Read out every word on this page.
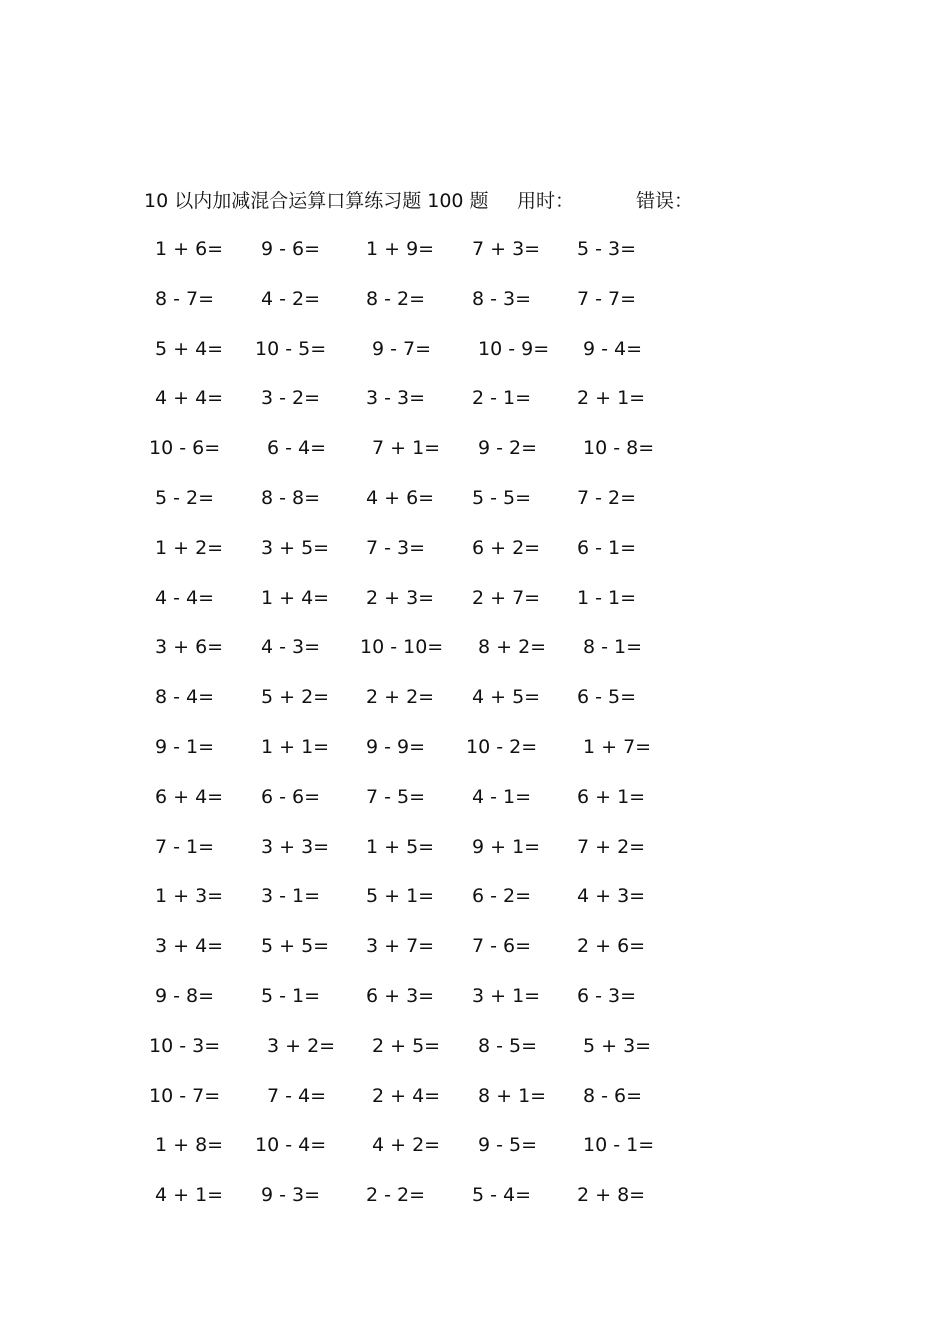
10 以内加减混合运算口算练习题 100 题 用时：	错误：
1 + 6= 9 - 6= 1 + 9= 7 + 3= 5 - 3=
8 - 7= 4 - 2= 8 - 2= 8 - 3= 7 - 7=
5 + 4= 10 - 5= 9 - 7= 10 - 9= 9 - 4=
4 + 4= 3 - 2= 3 - 3= 2 - 1= 2 + 1=
10 - 6= 6 - 4= 7 + 1= 9 - 2= 10 - 8=
5 - 2= 8 - 8= 4 + 6= 5 - 5= 7 - 2=
1 + 2= 3 + 5= 7 - 3= 6 + 2= 6 - 1=
4 - 4= 1 + 4= 2 + 3= 2 + 7= 1 - 1=
3 + 6= 4 - 3= 10 - 10= 8 + 2= 8 - 1=
8 - 4= 5 + 2= 2 + 2= 4 + 5= 6 - 5=
9 - 1= 1 + 1= 9 - 9= 10 - 2= 1 + 7=
6 + 4= 6 - 6= 7 - 5= 4 - 1= 6 + 1=
7 - 1= 3 + 3= 1 + 5= 9 + 1= 7 + 2=
1 + 3= 3 - 1= 5 + 1= 6 - 2= 4 + 3=
3 + 4= 5 + 5= 3 + 7= 7 - 6= 2 + 6=
9 - 8= 5 - 1= 6 + 3= 3 + 1= 6 - 3=
10 - 3= 3 + 2= 2 + 5= 8 - 5= 5 + 3=
10 - 7= 7 - 4= 2 + 4= 8 + 1= 8 - 6=
1 + 8= 10 - 4= 4 + 2= 9 - 5= 10 - 1=
4 + 1= 9 - 3= 2 - 2= 5 - 4= 2 + 8=
